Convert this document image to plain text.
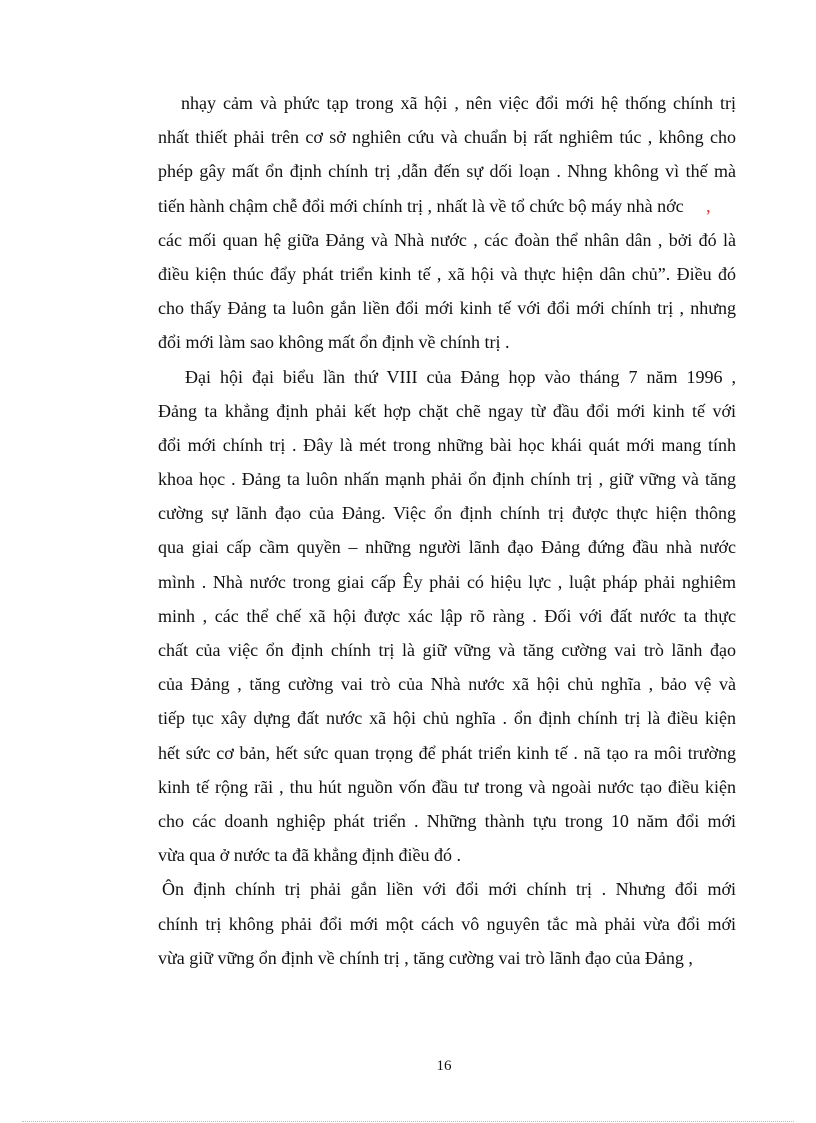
nhạy cảm và phức tạp trong xã hội , nên việc đổi mới hệ thống chính trị
nhất thiết phải trên cơ sở nghiên cứu và chuẩn bị rất nghiêm túc , không cho
phép gây mất ổn định chính trị ,dẫn đến sự dối loạn . Nhng không vì thế mà
tiến hành chậm chễ đổi mới chính trị , nhất là về tổ chức bộ máy nhà nớc ,
các mối quan hệ giữa Đảng và Nhà nước , các đoàn thể nhân dân , bởi đó là
điều kiện thúc đẩy phát triển kinh tế , xã hội và thực hiện dân chủ”. Điều đó
cho thấy Đảng ta luôn gắn liền đổi mới kinh tế với đổi mới chính trị , nhưng
đổi mới làm sao không mất ổn định về chính trị .
Đại hội đại biểu lần thứ VIII của Đảng họp vào tháng 7 năm 1996 ,
Đảng ta khẳng định phải kết hợp chặt chẽ ngay từ đầu đổi mới kinh tế với
đổi mới chính trị . Đây là mét trong những bài học khái quát mới mang tính
khoa học . Đảng ta luôn nhấn mạnh phải ổn định chính trị , giữ vững và tăng
cường sự lãnh đạo của Đảng. Việc ổn định chính trị được thực hiện thông
qua giai cấp cầm quyền – những người lãnh đạo Đảng đứng đầu nhà nước
mình . Nhà nước trong giai cấp Êy phải có hiệu lực , luật pháp phải nghiêm
minh , các thể chế xã hội được xác lập rõ ràng . Đối với đất nước ta thực
chất của việc ổn định chính trị là giữ vững và tăng cường vai trò lãnh đạo
của Đảng , tăng cường vai trò của Nhà nước xã hội chủ nghĩa , bảo vệ và
tiếp tục xây dựng đất nước xã hội chủ nghĩa . ổn định chính trị là điều kiện
hết sức cơ bản, hết sức quan trọng để phát triển kinh tế . nã tạo ra môi trường
kinh tế rộng rãi , thu hút nguồn vốn đầu tư trong và ngoài nước tạo điều kiện
cho các doanh nghiệp phát triển . Những thành tựu trong 10 năm đổi mới
vừa qua ở nước ta đã khẳng định điều đó .
Ôn định chính trị phải gắn liền với đổi mới chính trị . Nhưng đổi mới
chính trị không phải đổi mới một cách vô nguyên tắc mà phải vừa đổi mới
vừa giữ vững ổn định về chính trị , tăng cường vai trò lãnh đạo của Đảng ,
16
